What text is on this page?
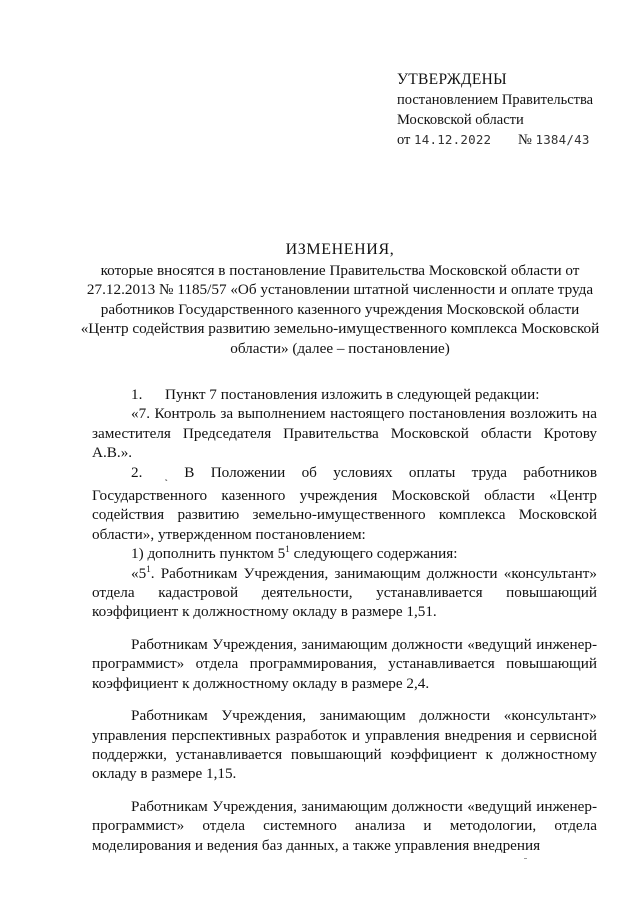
УТВЕРЖДЕНЫ
постановлением Правительства
Московской области
от 14.12.2022 № 1384/43
ИЗМЕНЕНИЯ,
которые вносятся в постановление Правительства Московской области от 27.12.2013 № 1185/57 «Об установлении штатной численности и оплате труда работников Государственного казенного учреждения Московской области «Центр содействия развитию земельно-имущественного комплекса Московской области» (далее – постановление)

1. Пункт 7 постановления изложить в следующей редакции:

«7. Контроль за выполнением настоящего постановления возложить на заместителя Председателя Правительства Московской области Кротову А.В.».

2.	˛ В Положении об условиях оплаты труда работников Государственного казенного учреждения Московской области «Центр содействия развитию земельно-имущественного комплекса Московской области», утвержденном постановлением:

1) дополнить пунктом $5^1$ следующего содержания:

«$5^1$. Работникам Учреждения, занимающим должности «консультант» отдела кадастровой деятельности, устанавливается повышающий коэффициент к должностному окладу в размере 1,51.

Работникам Учреждения, занимающим должности «ведущий инженер-программист» отдела программирования, устанавливается повышающий коэффициент к должностному окладу в размере 2,4.

Работникам Учреждения, занимающим должности «консультант» управления перспективных разработок и управления внедрения и сервисной поддержки, устанавливается повышающий коэффициент к должностному окладу в размере 1,15.

Работникам Учреждения, занимающим должности «ведущий инженер-программист» отдела системного анализа и методологии, отдела моделирования и ведения баз данных, а также управления внедрения
